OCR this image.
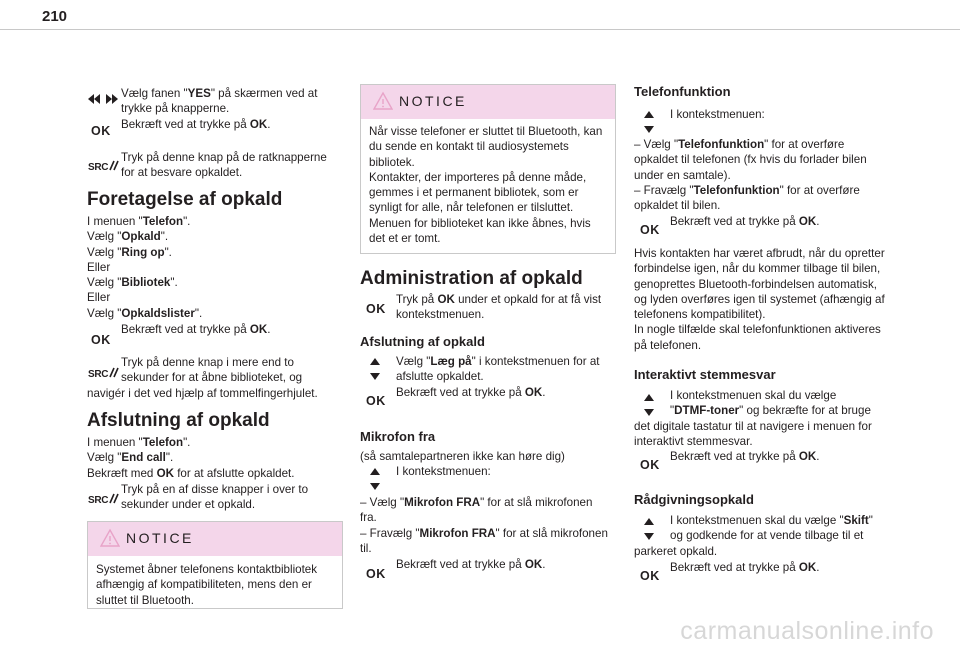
210
Vælg fanen "YES" på skærmen ved at
trykke på knapperne.
Bekræft ved at trykke på OK.
OK
SRC
Tryk på denne knap på de ratknapperne
for at besvare opkaldet.
Foretagelse af opkald
I menuen "Telefon".
Vælg "Opkald".
Vælg "Ring op".
Eller
Vælg "Bibliotek".
Eller
Vælg "Opkaldslister".
OK
Bekræft ved at trykke på OK.
SRC
Tryk på denne knap i mere end to
sekunder for at åbne biblioteket, og
navigér i det ved hjælp af tommelfingerhjulet.
Afslutning af opkald
I menuen "Telefon".
Vælg "End call".
Bekræft med OK for at afslutte opkaldet.
SRC
Tryk på en af disse knapper i over to
sekunder under et opkald.
NOTICE
Systemet åbner telefonens kontaktbibliotek
afhængig af kompatibiliteten, mens den er
sluttet til Bluetooth.
NOTICE
Når visse telefoner er sluttet til Bluetooth, kan
du sende en kontakt til audiosystemets
bibliotek.
Kontakter, der importeres på denne måde,
gemmes i et permanent bibliotek, som er
synligt for alle, når telefonen er tilsluttet.
Menuen for biblioteket kan ikke åbnes, hvis
det et er tomt.
Administration af opkald
OK
Tryk på OK under et opkald for at få vist
kontekstmenuen.
Afslutning af opkald
Vælg "Læg på" i kontekstmenuen for at
afslutte opkaldet.
OK
Bekræft ved at trykke på OK.
Mikrofon fra
(så samtalepartneren ikke kan høre dig)
I kontekstmenuen:
– Vælg "Mikrofon FRA" for at slå mikrofonen
fra.
– Fravælg "Mikrofon FRA" for at slå mikrofonen
til.
OK
Bekræft ved at trykke på OK.
Telefonfunktion
I kontekstmenuen:
– Vælg "Telefonfunktion" for at overføre
opkaldet til telefonen (fx hvis du forlader bilen
under en samtale).
– Fravælg "Telefonfunktion" for at overføre
opkaldet til bilen.
OK
Bekræft ved at trykke på OK.
Hvis kontakten har været afbrudt, når du opretter
forbindelse igen, når du kommer tilbage til bilen,
genoprettes Bluetooth-forbindelsen automatisk,
og lyden overføres igen til systemet (afhængig af
telefonens kompatibilitet).
In nogle tilfælde skal telefonfunktionen aktiveres
på telefonen.
Interaktivt stemmesvar
I kontekstmenuen skal du vælge
"DTMF-toner" og bekræfte for at bruge
det digitale tastatur til at navigere i menuen for
interaktivt stemmesvar.
OK
Bekræft ved at trykke på OK.
Rådgivningsopkald
I kontekstmenuen skal du vælge "Skift"
og godkende for at vende tilbage til et
parkeret opkald.
OK
Bekræft ved at trykke på OK.
carmanualsonline.info
